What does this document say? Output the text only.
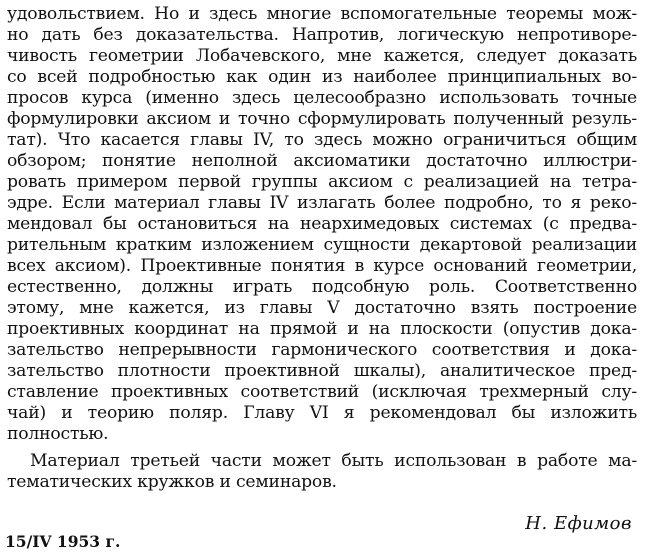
удовольствием. Но и здесь многие вспомогательные теоремы мож-
но дать без доказательства. Напротив, логическую непротиворе-
чивость геометрии Лобачевского, мне кажется, следует доказать
со всей подробностью как один из наиболее принципиальных во-
просов курса (именно здесь целесообразно использовать точные
формулировки аксиом и точно сформулировать полученный резуль-
тат). Что касается главы IV, то здесь можно ограничиться общим
обзором; понятие неполной аксиоматики достаточно иллюстри-
ровать примером первой группы аксиом с реализацией на тетра-
эдре. Если материал главы IV излагать более подробно, то я реко-
мендовал бы остановиться на неархимедовых системах (с предва-
рительным кратким изложением сущности декартовой реализации
всех аксиом). Проективные понятия в курсе оснований геометрии,
естественно, должны играть подсобную роль. Соответственно
этому, мне кажется, из главы V достаточно взять построение
проективных координат на прямой и на плоскости (опустив дока-
зательство непрерывности гармонического соответствия и дока-
зательство плотности проективной шкалы), аналитическое пред-
ставление проективных соответствий (исключая трехмерный слу-
чай) и теорию поляр. Главу VI я рекомендовал бы изложить
полностью.
Материал третьей части может быть использован в работе ма-
тематических кружков и семинаров.
Н. Ефимов
15/IV 1953 г.
